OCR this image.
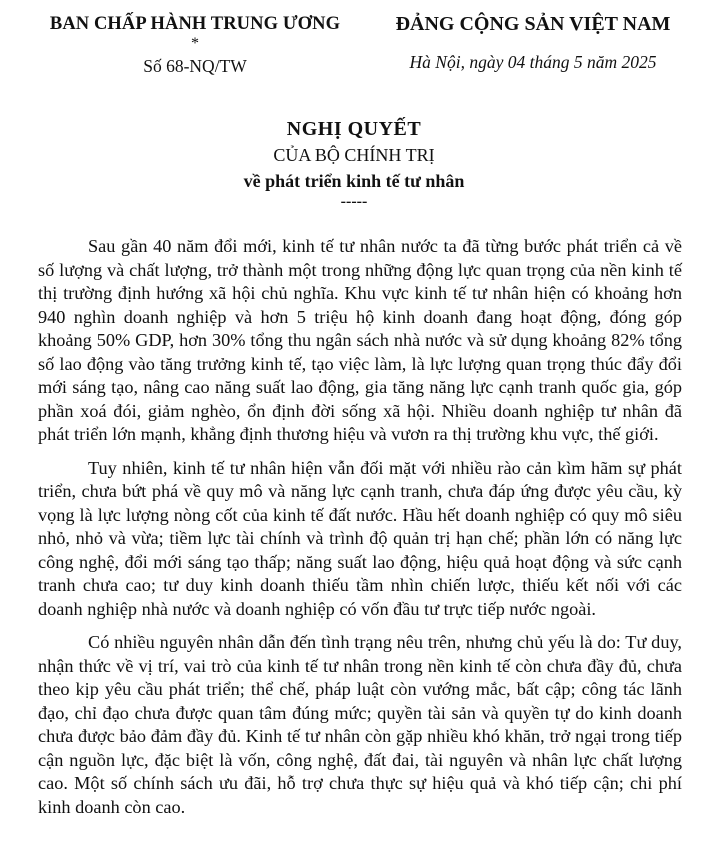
BAN CHẤP HÀNH TRUNG ƯƠNG
*
Số 68-NQ/TW
ĐẢNG CỘNG SẢN VIỆT NAM
Hà Nội, ngày 04 tháng 5 năm 2025
NGHỊ QUYẾT
CỦA BỘ CHÍNH TRỊ
về phát triển kinh tế tư nhân
-----

Sau gần 40 năm đổi mới, kinh tế tư nhân nước ta đã từng bước phát triển cả về số lượng và chất lượng, trở thành một trong những động lực quan trọng của nền kinh tế thị trường định hướng xã hội chủ nghĩa. Khu vực kinh tế tư nhân hiện có khoảng hơn 940 nghìn doanh nghiệp và hơn 5 triệu hộ kinh doanh đang hoạt động, đóng góp khoảng 50% GDP, hơn 30% tổng thu ngân sách nhà nước và sử dụng khoảng 82% tổng số lao động vào tăng trưởng kinh tế, tạo việc làm, là lực lượng quan trọng thúc đẩy đổi mới sáng tạo, nâng cao năng suất lao động, gia tăng năng lực cạnh tranh quốc gia, góp phần xoá đói, giảm nghèo, ổn định đời sống xã hội. Nhiều doanh nghiệp tư nhân đã phát triển lớn mạnh, khẳng định thương hiệu và vươn ra thị trường khu vực, thế giới.

Tuy nhiên, kinh tế tư nhân hiện vẫn đối mặt với nhiều rào cản kìm hãm sự phát triển, chưa bứt phá về quy mô và năng lực cạnh tranh, chưa đáp ứng được yêu cầu, kỳ vọng là lực lượng nòng cốt của kinh tế đất nước. Hầu hết doanh nghiệp có quy mô siêu nhỏ, nhỏ và vừa; tiềm lực tài chính và trình độ quản trị hạn chế; phần lớn có năng lực công nghệ, đổi mới sáng tạo thấp; năng suất lao động, hiệu quả hoạt động và sức cạnh tranh chưa cao; tư duy kinh doanh thiếu tầm nhìn chiến lược, thiếu kết nối với các doanh nghiệp nhà nước và doanh nghiệp có vốn đầu tư trực tiếp nước ngoài.

Có nhiều nguyên nhân dẫn đến tình trạng nêu trên, nhưng chủ yếu là do: Tư duy, nhận thức về vị trí, vai trò của kinh tế tư nhân trong nền kinh tế còn chưa đầy đủ, chưa theo kịp yêu cầu phát triển; thể chế, pháp luật còn vướng mắc, bất cập; công tác lãnh đạo, chỉ đạo chưa được quan tâm đúng mức; quyền tài sản và quyền tự do kinh doanh chưa được bảo đảm đầy đủ. Kinh tế tư nhân còn gặp nhiều khó khăn, trở ngại trong tiếp cận nguồn lực, đặc biệt là vốn, công nghệ, đất đai, tài nguyên và nhân lực chất lượng cao. Một số chính sách ưu đãi, hỗ trợ chưa thực sự hiệu quả và khó tiếp cận; chi phí kinh doanh còn cao.
